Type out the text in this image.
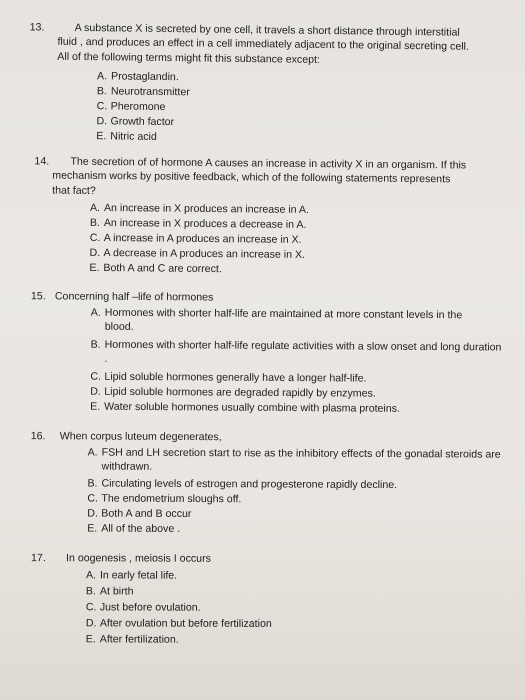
13.	A substance X is secreted by one cell, it travels a short distance through interstitial
fluid , and produces an effect in a cell immediately adjacent to the original secreting cell.
All of the following terms might fit this substance except:
A. Prostaglandin.
B. Neurotransmitter
C. Pheromone
D. Growth factor
E. Nitric acid
14. The secretion of of hormone A causes an increase in activity X in an organism. If this
mechanism works by positive feedback, which of the following statements represents
that fact?
A. An increase in X produces an increase in A.
B. An increase in X produces a decrease in A.
C. A increase in A produces an increase in X.
D. A decrease in A produces an increase in X.
E. Both A and C are correct.
15. Concerning half –life of hormones
A. Hormones with shorter half-life are maintained at more constant levels in the blood.
B. Hormones with shorter half-life regulate activities with a slow onset and long duration .
C. Lipid soluble hormones generally have a longer half-life.
D. Lipid soluble hormones are degraded rapidly by enzymes.
E. Water soluble hormones usually combine with plasma proteins.
16. When corpus luteum degenerates,
A. FSH and LH secretion start to rise as the inhibitory effects of the gonadal steroids are withdrawn.
B. Circulating levels of estrogen and progesterone rapidly decline.
C. The endometrium sloughs off.
D. Both A and B occur
E. All of the above .
17. In oogenesis , meiosis I occurs
A. In early fetal life.
B. At birth
C. Just before ovulation.
D. After ovulation but before fertilization
E. After fertilization.
